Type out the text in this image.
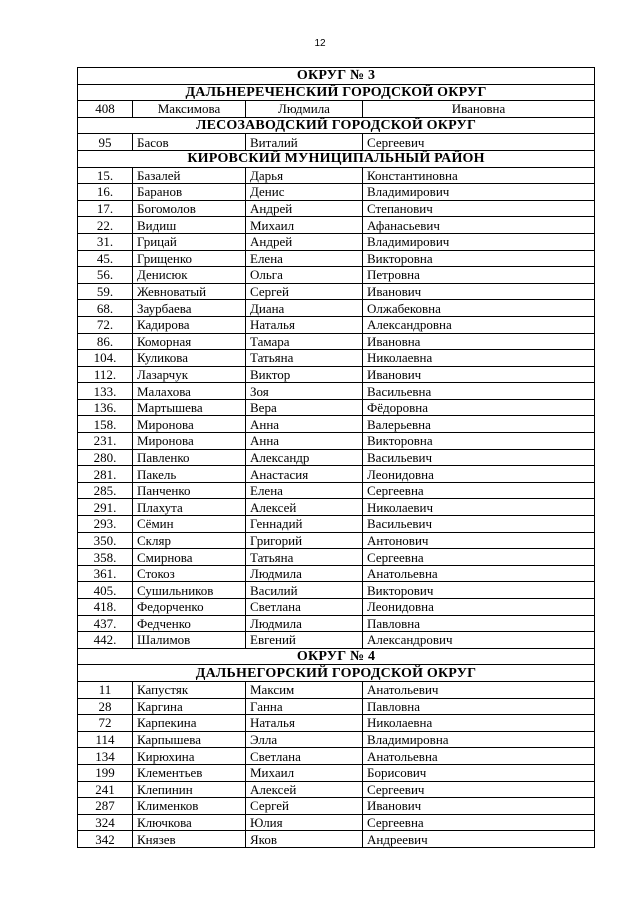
12
ОКРУГ № 3			
ДАЛЬНЕРЕЧЕНСКИЙ ГОРОДСКОЙ ОКРУГ			
408	Максимова	Людмила	Ивановна
ЛЕСОЗАВОДСКИЙ ГОРОДСКОЙ ОКРУГ			
95	Басов	Виталий	Сергеевич
КИРОВСКИЙ МУНИЦИПАЛЬНЫЙ РАЙОН			
15.	Базалей	Дарья	Константиновна
16.	Баранов	Денис	Владимирович
17.	Богомолов	Андрей	Степанович
22.	Видиш	Михаил	Афанасьевич
31.	Грицай	Андрей	Владимирович
45.	Грищенко	Елена	Викторовна
56.	Денисюк	Ольга	Петровна
59.	Жевноватый	Сергей	Иванович
68.	Заурбаева	Диана	Олжабековна
72.	Кадирова	Наталья	Александровна
86.	Коморная	Тамара	Ивановна
104.	Куликова	Татьяна	Николаевна
112.	Лазарчук	Виктор	Иванович
133.	Малахова	Зоя	Васильевна
136.	Мартышева	Вера	Фёдоровна
158.	Миронова	Анна	Валерьевна
231.	Миронова	Анна	Викторовна
280.	Павленко	Александр	Васильевич
281.	Пакель	Анастасия	Леонидовна
285.	Панченко	Елена	Сергеевна
291.	Плахута	Алексей	Николаевич
293.	Сёмин	Геннадий	Васильевич
350.	Скляр	Григорий	Антонович
358.	Смирнова	Татьяна	Сергеевна
361.	Стокоз	Людмила	Анатольевна
405.	Сушильников	Василий	Викторович
418.	Федорченко	Светлана	Леонидовна
437.	Федченко	Людмила	Павловна
442.	Шалимов	Евгений	Александрович
ОКРУГ № 4			
ДАЛЬНЕГОРСКИЙ ГОРОДСКОЙ ОКРУГ			
11	Капустяк	Максим	Анатольевич
28	Каргина	Ганна	Павловна
72	Карпекина	Наталья	Николаевна
114	Карпышева	Элла	Владимировна
134	Кирюхина	Светлана	Анатольевна
199	Клементьев	Михаил	Борисович
241	Клепинин	Алексей	Сергеевич
287	Клименков	Сергей	Иванович
324	Ключкова	Юлия	Сергеевна
342	Князев	Яков	Андреевич
